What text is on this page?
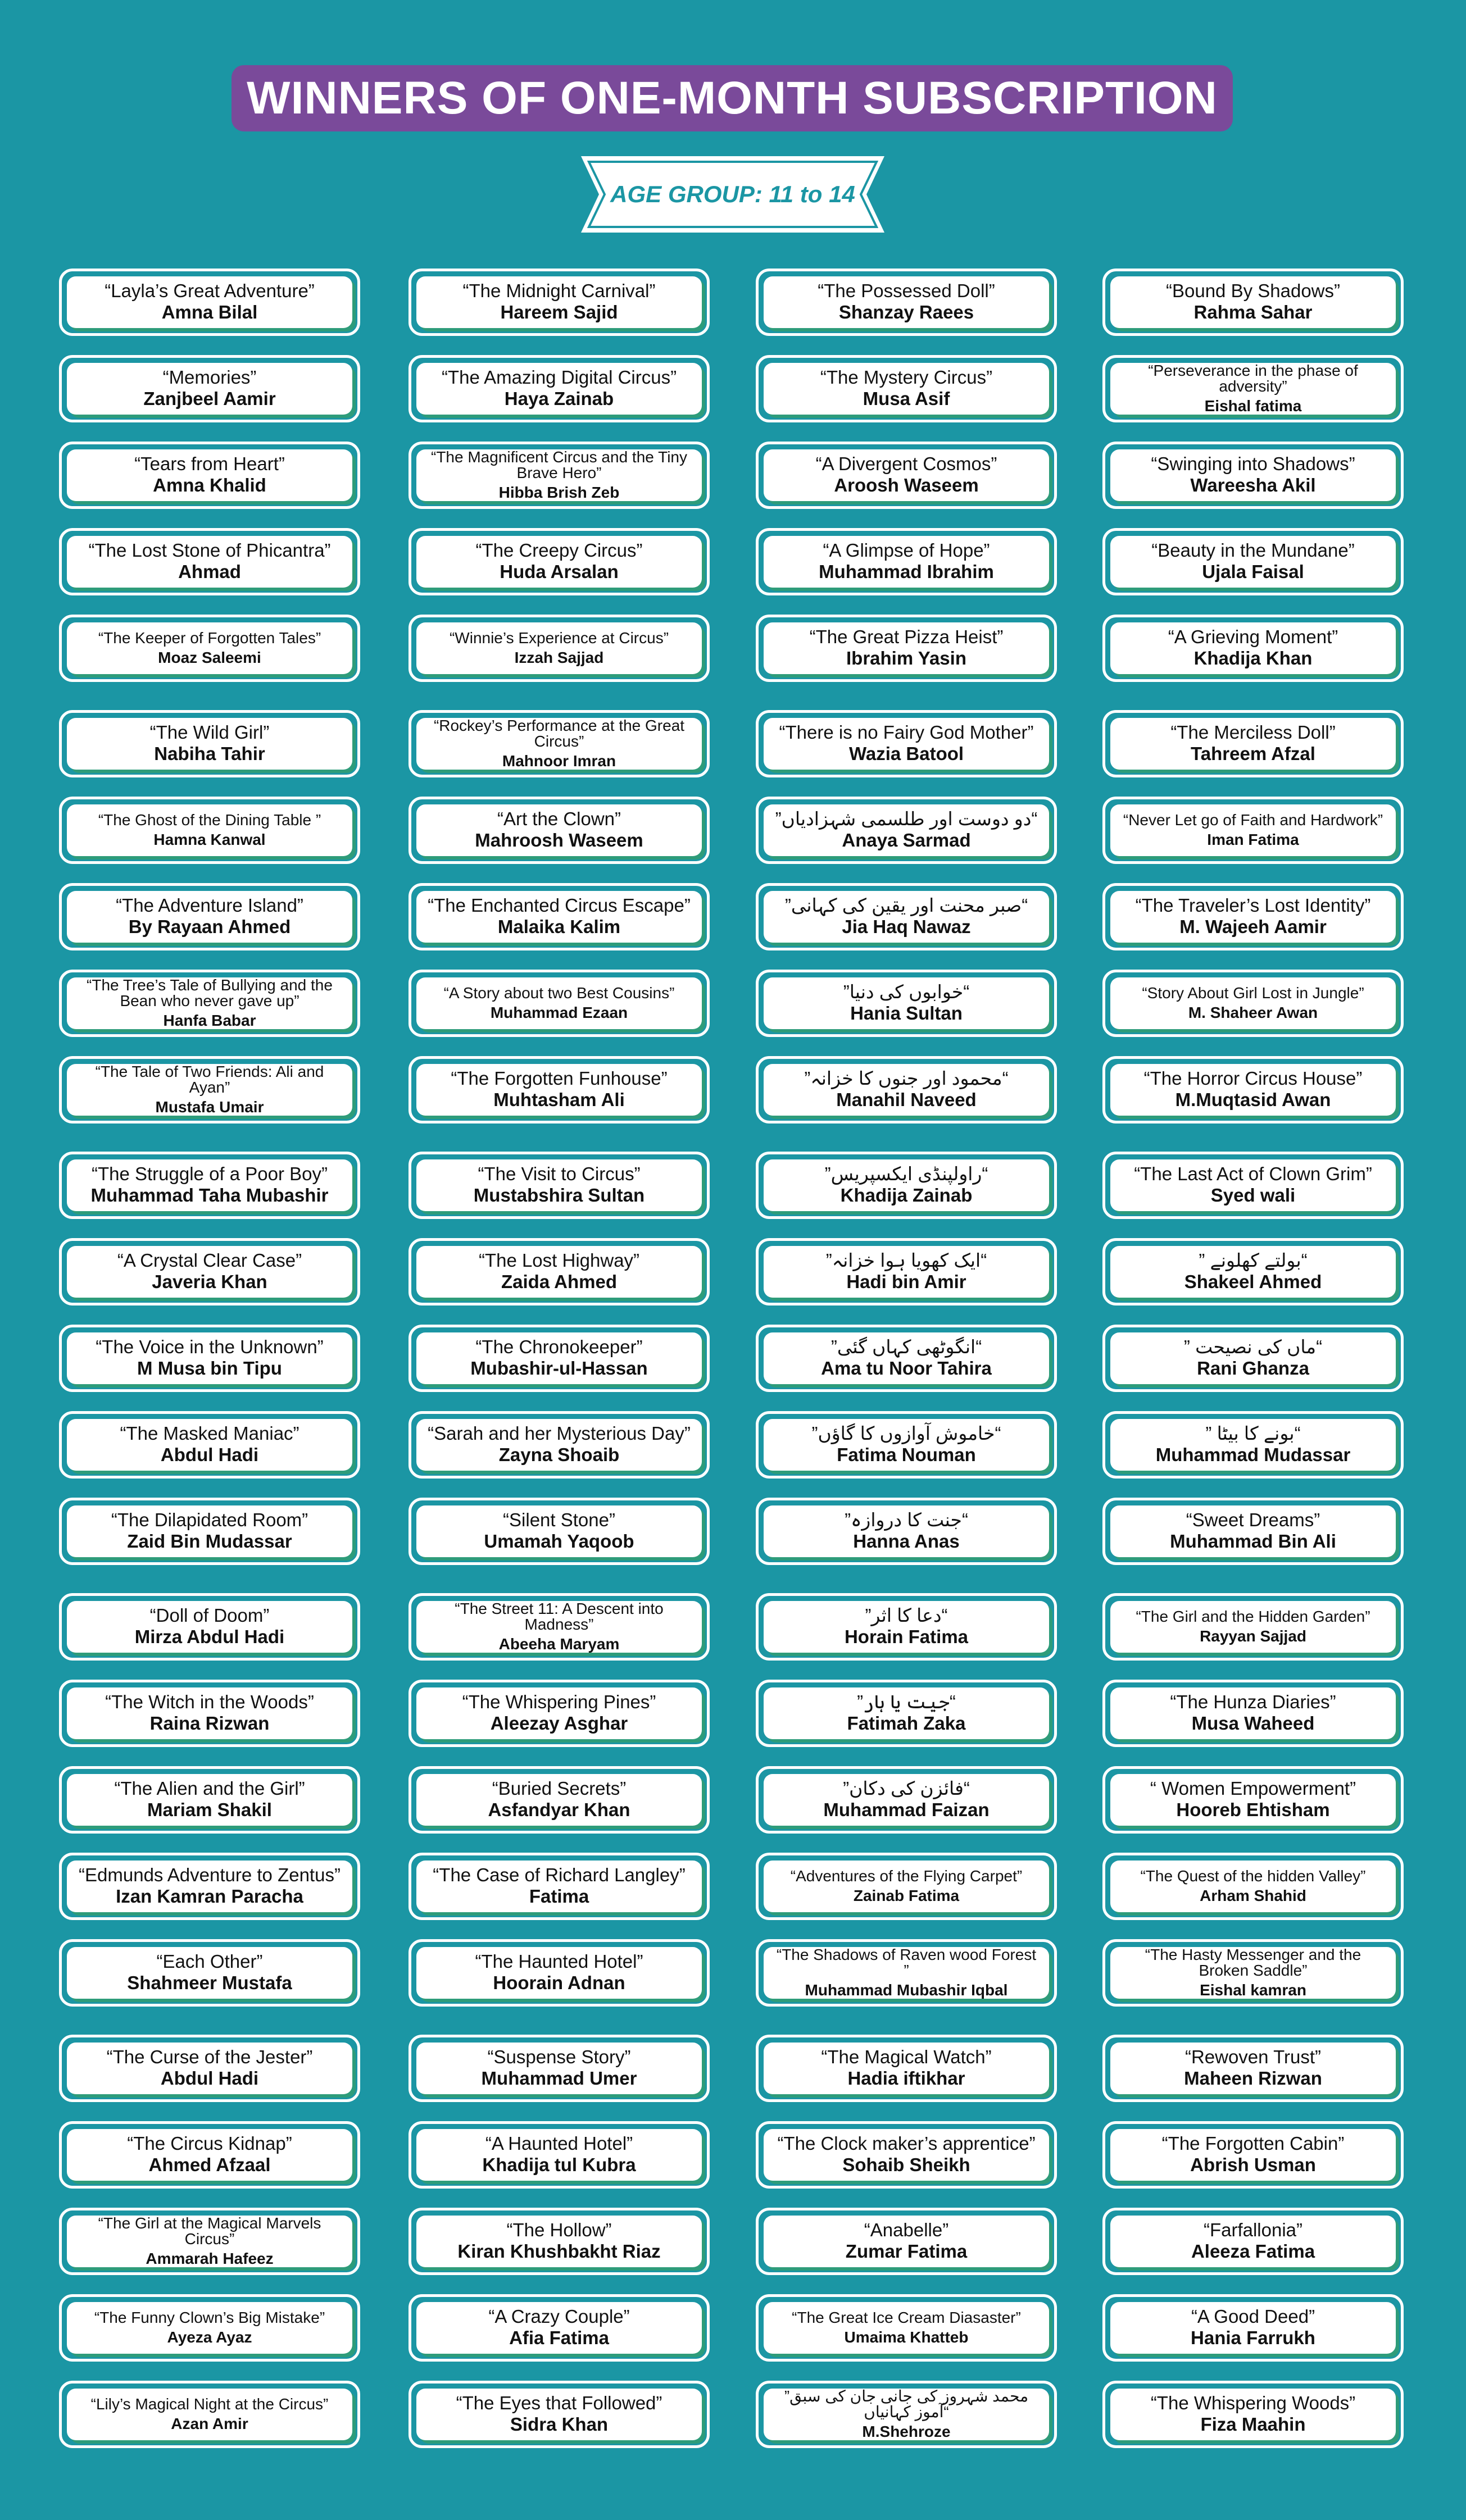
WINNERS OF ONE-MONTH SUBSCRIPTION
AGE GROUP: 11 to 14
“Layla’s Great Adventure”
Amna Bilal
“Memories”
Zanjbeel Aamir
“Tears from Heart”
Amna Khalid
“The Lost Stone of Phicantra”
Ahmad
“The Keeper of Forgotten Tales”
Moaz Saleemi
“The Wild Girl”
Nabiha Tahir
“The Ghost of the Dining Table ”
Hamna Kanwal
“The Adventure Island”
By Rayaan Ahmed
“The Tree’s Tale of Bullying and the Bean who never gave up”
Hanfa Babar
“The Tale of Two Friends: Ali and Ayan”
Mustafa Umair
“The Struggle of a Poor Boy”
Muhammad Taha Mubashir
“A Crystal Clear Case”
Javeria Khan
“The Voice in the Unknown”
M Musa bin Tipu
“The Masked Maniac”
Abdul Hadi
“The Dilapidated Room”
Zaid Bin Mudassar
“Doll of Doom”
Mirza Abdul Hadi
“The Witch in the Woods”
Raina Rizwan
“The Alien and the Girl”
Mariam Shakil
“Edmunds Adventure to Zentus”
Izan Kamran Paracha
“Each Other”
Shahmeer Mustafa
“The Curse of the Jester”
Abdul Hadi
“The Circus Kidnap”
Ahmed Afzaal
“The Girl at the Magical Marvels Circus”
Ammarah Hafeez
“The Funny Clown’s Big Mistake”
Ayeza Ayaz
“Lily’s Magical Night at the Circus”
Azan Amir
“The Midnight Carnival”
Hareem Sajid
“The Amazing Digital Circus”
Haya Zainab
“The Magnificent Circus and the Tiny Brave Hero”
Hibba Brish Zeb
“The Creepy Circus”
Huda Arsalan
“Winnie’s Experience at Circus”
Izzah Sajjad
“Rockey’s Performance at the Great Circus”
Mahnoor Imran
“Art the Clown”
Mahroosh Waseem
“The Enchanted Circus Escape”
Malaika Kalim
“A Story about two Best Cousins”
Muhammad Ezaan
“The Forgotten Funhouse”
Muhtasham Ali
“The Visit to Circus”
Mustabshira Sultan
“The Lost Highway”
Zaida Ahmed
“The Chronokeeper”
Mubashir-ul-Hassan
“Sarah and her Mysterious Day”
Zayna Shoaib
“Silent Stone”
Umamah Yaqoob
“The Street 11: A Descent into Madness”
Abeeha Maryam
“The Whispering Pines”
Aleezay Asghar
“Buried Secrets”
Asfandyar Khan
“The Case of Richard Langley”
Fatima
“The Haunted Hotel”
Hoorain Adnan
“Suspense Story”
Muhammad Umer
“A Haunted Hotel”
Khadija tul Kubra
“The Hollow”
Kiran Khushbakht Riaz
“A Crazy Couple”
Afia Fatima
“The Eyes that Followed”
Sidra Khan
“The Possessed Doll”
Shanzay Raees
“The Mystery Circus”
Musa Asif
“A Divergent Cosmos”
Aroosh Waseem
“A Glimpse of Hope”
Muhammad Ibrahim
“The Great Pizza Heist”
Ibrahim Yasin
“There is no Fairy God Mother”
Wazia Batool
”دو دوست اور طلسمی شہزادیاں“
Anaya Sarmad
”صبر محنت اور یقین کی کہانی“
Jia Haq Nawaz
”خوابوں کی دنیا“
Hania Sultan
”محمود اور جنوں کا خزانہ“
Manahil Naveed
”راولپنڈی ایکسپریس“
Khadija Zainab
”ایک کھویا ہوا خزانہ“
Hadi bin Amir
”انگوٹھی کہاں گئی“
Ama tu Noor Tahira
”خاموش آوازوں کا گاؤں“
Fatima Nouman
”جنت کا دروازہ“
Hanna Anas
”دعا کا اثر“
Horain Fatima
”جیت یا ہار“
Fatimah Zaka
”فائزن کی دکان“
Muhammad Faizan
“Adventures of the Flying Carpet”
Zainab Fatima
“The Shadows of Raven wood Forest ”
Muhammad Mubashir Iqbal
“The Magical Watch”
Hadia iftikhar
“The Clock maker’s apprentice”
Sohaib Sheikh
“Anabelle”
Zumar Fatima
“The Great Ice Cream Diasaster”
Umaima Khatteb
”محمد شہروز کی جانی جان کی سبق آموز کہانیاں“
M.Shehroze
“Bound By Shadows”
Rahma Sahar
“Perseverance in the phase of adversity”
Eishal fatima
“Swinging into Shadows”
Wareesha Akil
“Beauty in the Mundane”
Ujala Faisal
“A Grieving Moment”
Khadija Khan
“The Merciless Doll”
Tahreem Afzal
“Never Let go of Faith and Hardwork”
Iman Fatima
“The Traveler’s Lost Identity”
M. Wajeeh Aamir
“Story About Girl Lost in Jungle”
M. Shaheer Awan
“The Horror Circus House”
M.Muqtasid Awan
“The Last Act of Clown Grim”
Syed wali
” بولتے کھلونے“
Shakeel Ahmed
” ماں کی نصیحت“
Rani Ghanza
” بونے کا بیٹا“
Muhammad Mudassar
“Sweet Dreams”
Muhammad Bin Ali
“The Girl and the Hidden Garden”
Rayyan Sajjad
“The Hunza Diaries”
Musa Waheed
“ Women Empowerment”
Hooreb Ehtisham
“The Quest of the hidden Valley”
Arham Shahid
“The Hasty Messenger and the Broken Saddle”
Eishal kamran
“Rewoven Trust”
Maheen Rizwan
“The Forgotten Cabin”
Abrish Usman
“Farfallonia”
Aleeza Fatima
“A Good Deed”
Hania Farrukh
“The Whispering Woods”
Fiza Maahin
